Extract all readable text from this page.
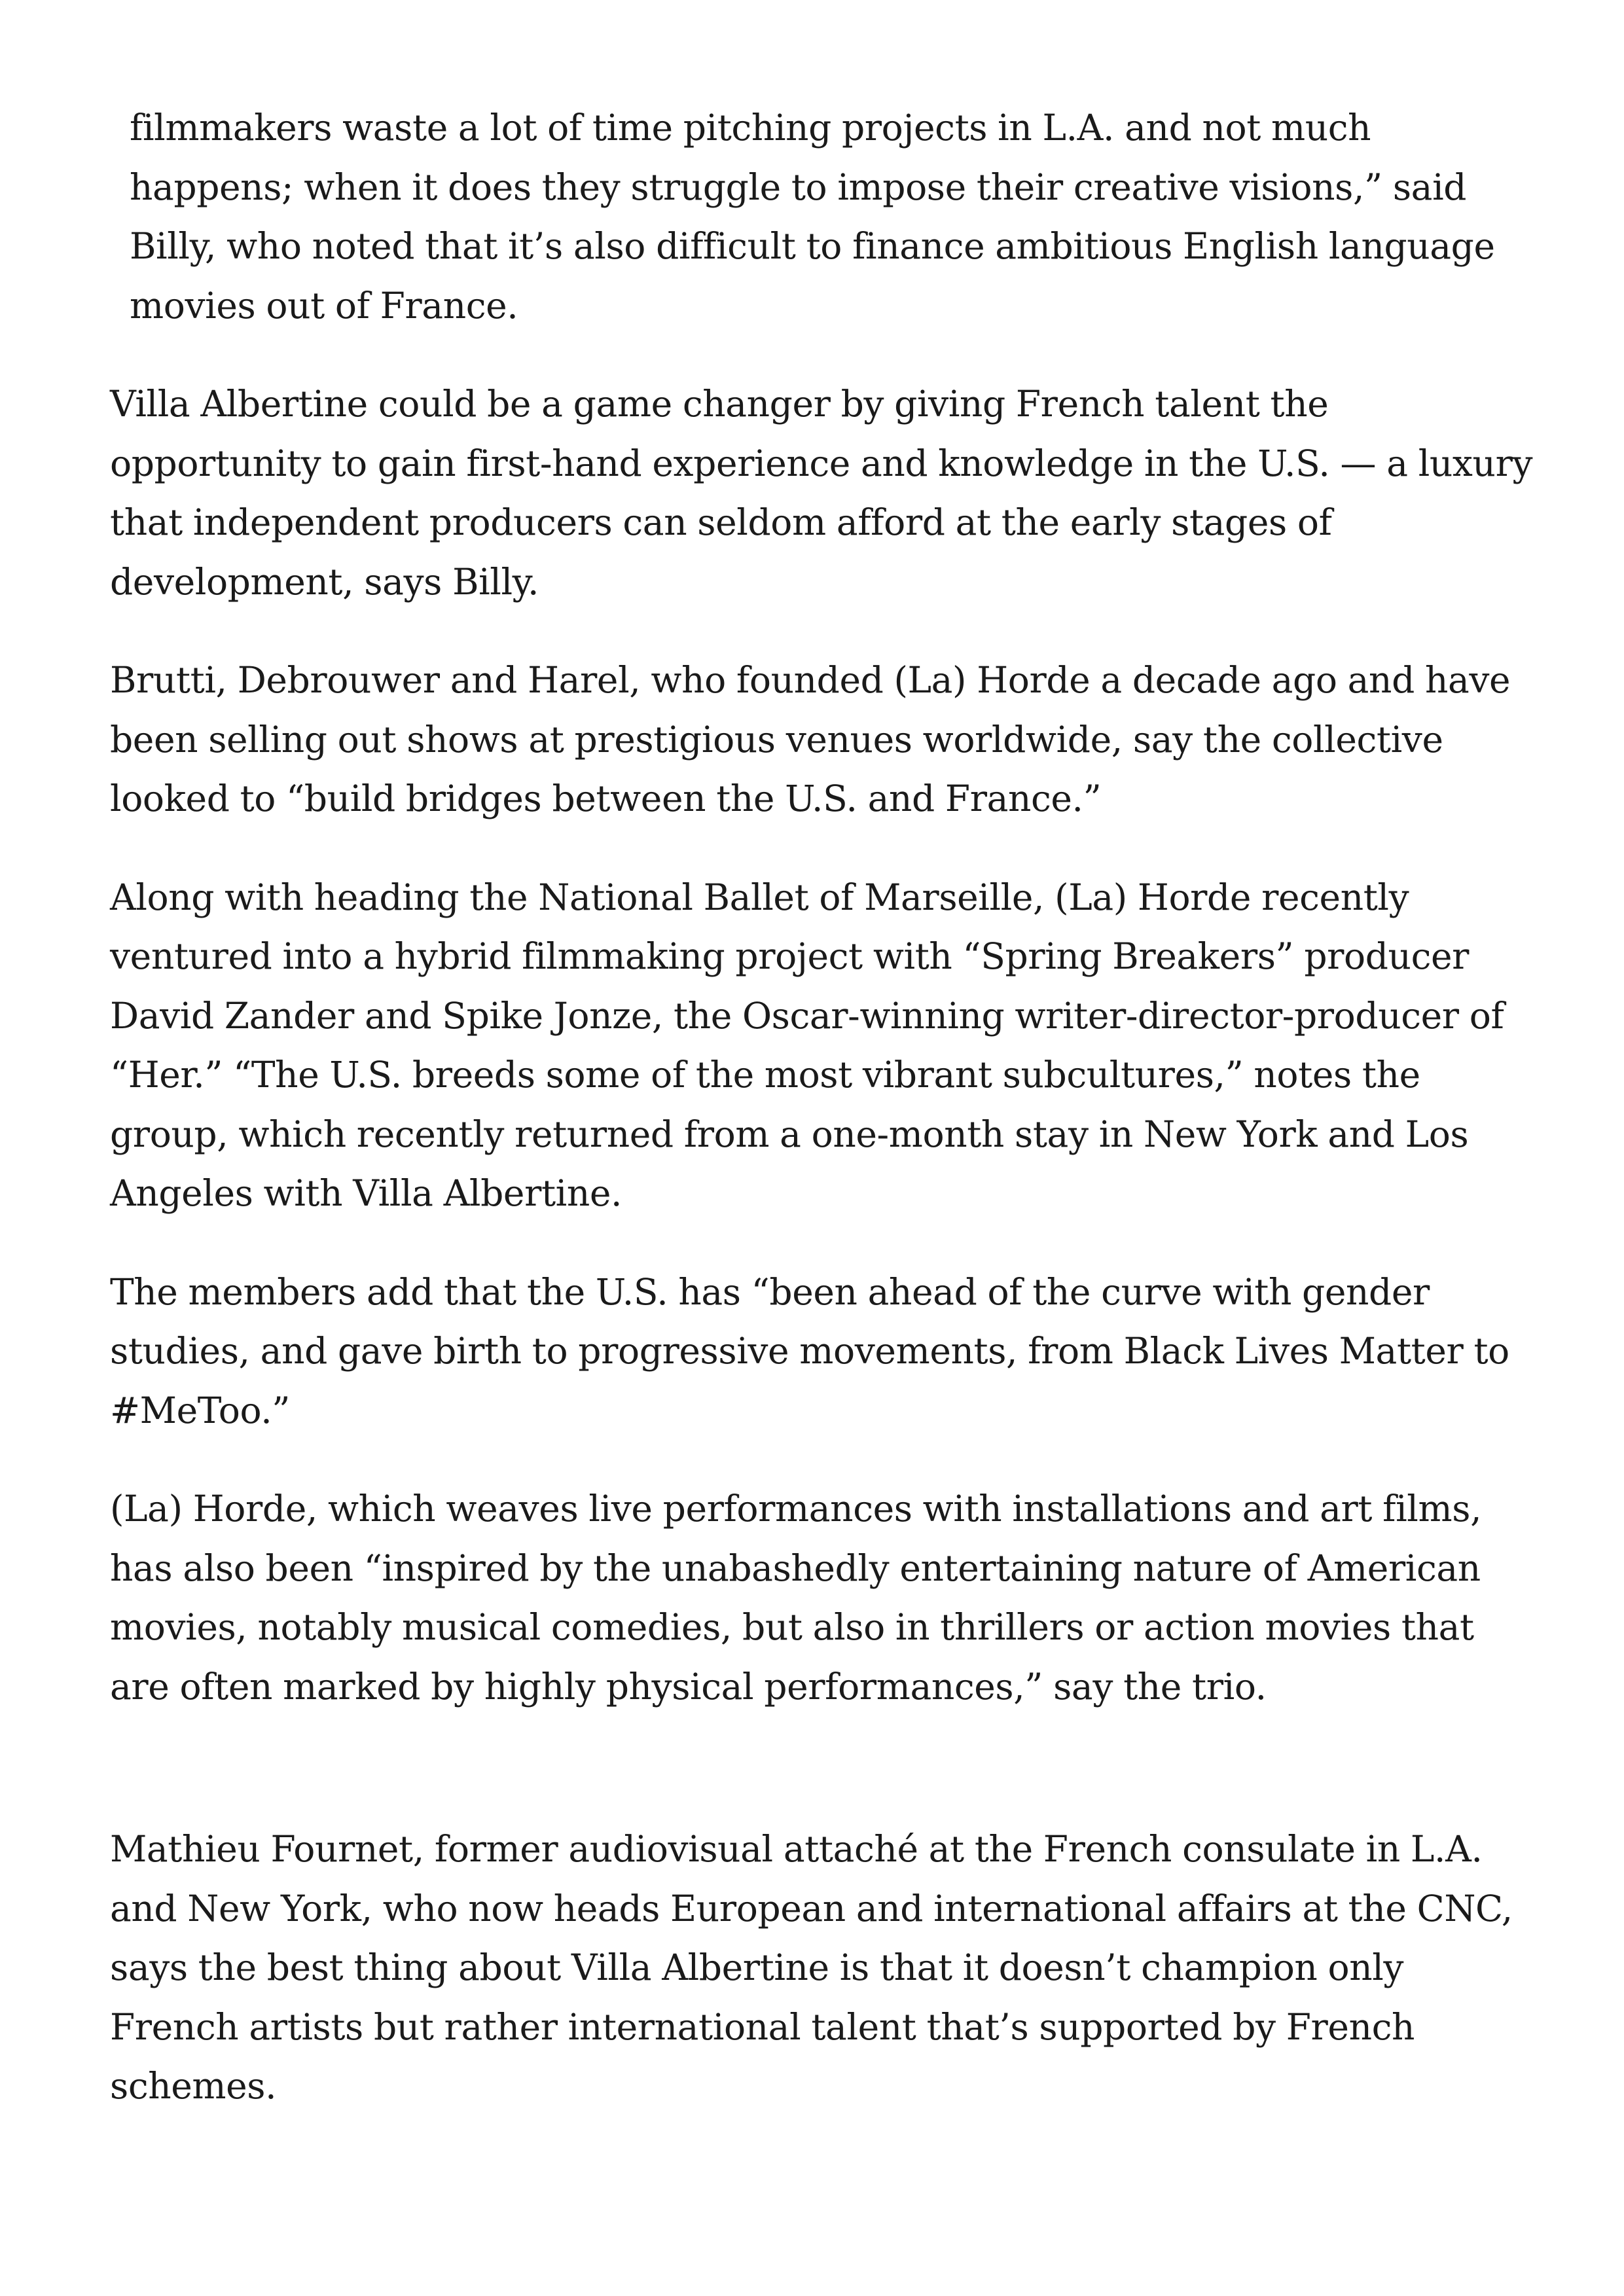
filmmakers waste a lot of time pitching projects in L.A. and not much happens; when it does they struggle to impose their creative visions,” said Billy, who noted that it’s also difficult to finance ambitious English language movies out of France.

Villa Albertine could be a game changer by giving French talent the opportunity to gain first-hand experience and knowledge in the U.S. — a luxury that independent producers can seldom afford at the early stages of development, says Billy.

Brutti, Debrouwer and Harel, who founded (La) Horde a decade ago and have been selling out shows at prestigious venues worldwide, say the collective looked to “build bridges between the U.S. and France.”

Along with heading the National Ballet of Marseille, (La) Horde recently ventured into a hybrid filmmaking project with “Spring Breakers” producer David Zander and Spike Jonze, the Oscar-winning writer-director-producer of “Her.” “The U.S. breeds some of the most vibrant subcultures,” notes the group, which recently returned from a one-month stay in New York and Los Angeles with Villa Albertine.

The members add that the U.S. has “been ahead of the curve with gender studies, and gave birth to progressive movements, from Black Lives Matter to #MeToo.”

(La) Horde, which weaves live performances with installations and art films, has also been “inspired by the unabashedly entertaining nature of American movies, notably musical comedies, but also in thrillers or action movies that are often marked by highly physical performances,” say the trio.

Mathieu Fournet, former audiovisual attaché at the French consulate in L.A. and New York, who now heads European and international affairs at the CNC, says the best thing about Villa Albertine is that it doesn’t champion only French artists but rather international talent that’s supported by French schemes.
